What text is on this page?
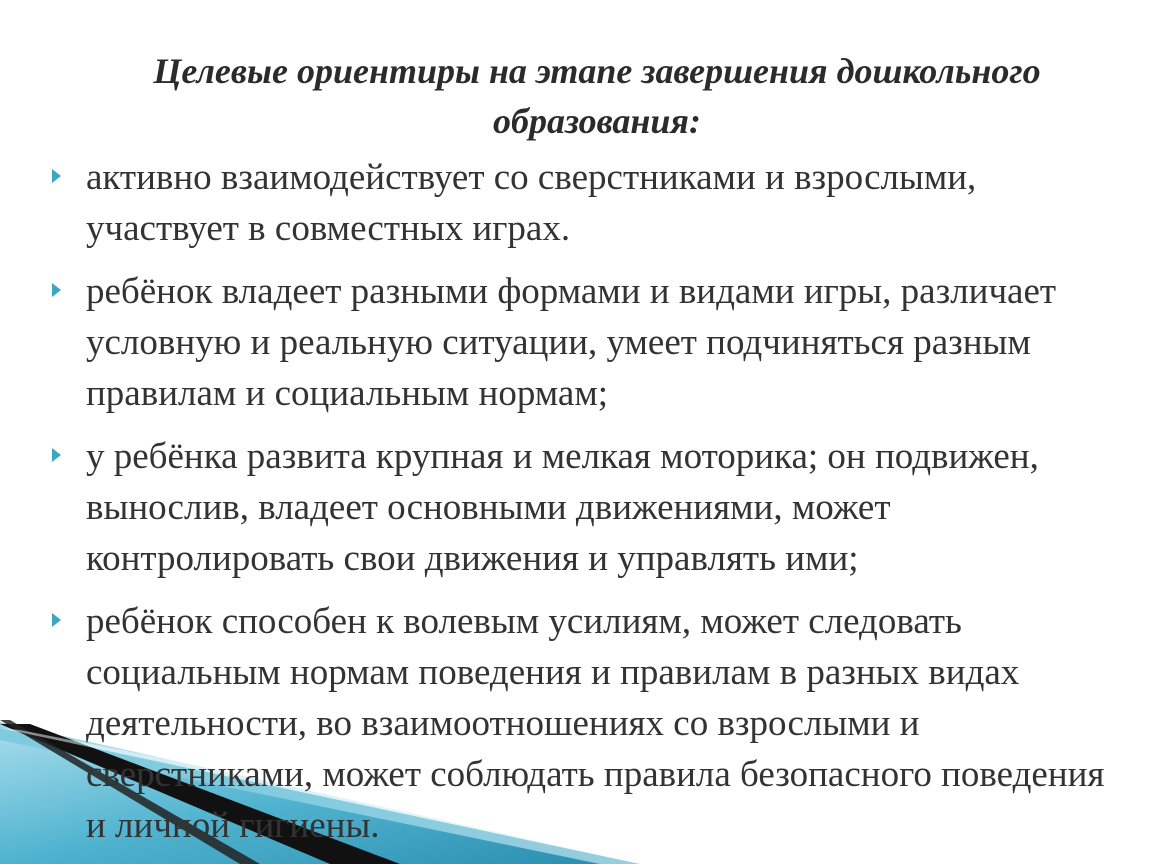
Целевые ориентиры на этапе завершения дошкольного образования:
активно взаимодействует со сверстниками и взрослыми, участвует в совместных играх.
ребёнок владеет разными формами и видами игры, различает условную и реальную ситуации, умеет подчиняться разным правилам и социальным нормам;
у ребёнка развита крупная и мелкая моторика; он подвижен, вынослив, владеет основными движениями, может контролировать свои движения и управлять ими;
ребёнок способен к волевым усилиям, может следовать социальным нормам поведения и правилам в разных видах деятельности, во взаимоотношениях со взрослыми и сверстниками, может соблюдать правила безопасного поведения и личной гигиены.
